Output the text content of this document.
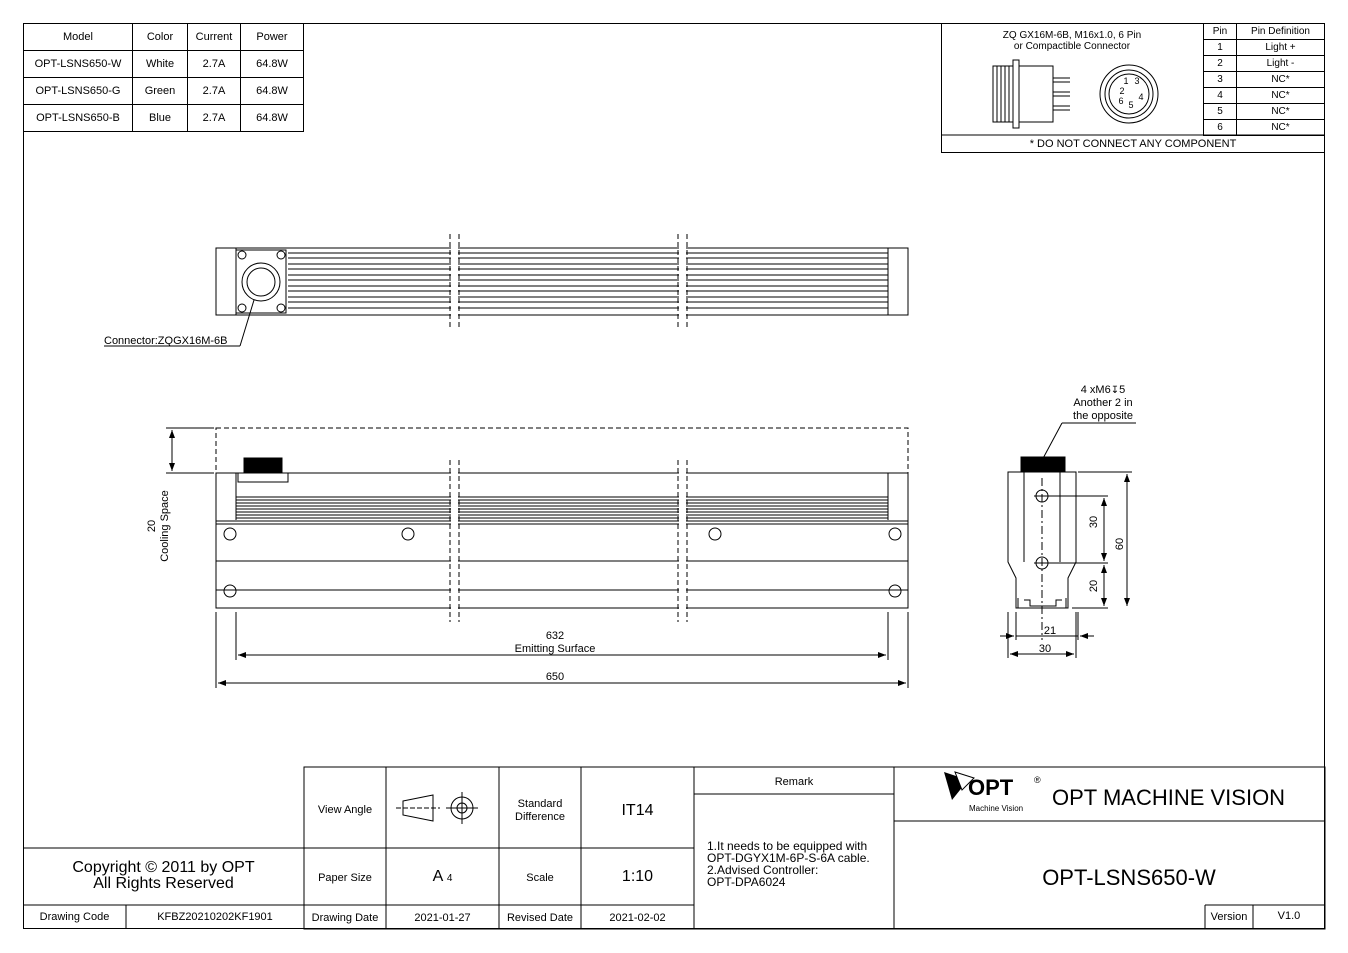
Model	Color	Current	Power
OPT-LSNS650-W	White	2.7A	64.8W
OPT-LSNS650-G	Green	2.7A	64.8W
OPT-LSNS650-B	Blue	2.7A	64.8W
ZQ GX16M-6B, M16x1.0, 6 Pin
or Compactible Connector
* DO NOT CONNECT ANY COMPONENT
Pin	Pin Definition
1	Light +
2	Light -
3	NC*
4	NC*
5	NC*
6	NC*
1
2
3
4
5
6
Connector:ZQGX16M-6B
20 Cooling Space
632
Emitting Surface
650
4 xM6↧5
Another 2 in
the opposite
30
20
60
21
30
View Angle	Standard Difference	IT14
Paper Size	A 4	Scale	1:10
Drawing Date	2021-01-27	Revised Date	2021-02-02
Remark
1.It needs to be equipped with
OPT-DGYX1M-6P-S-6A cable.
2.Advised Controller:
OPT-DPA6024
Copyright © 2011 by OPT
All Rights Reserved
Drawing Code	KFBZ20210202KF1901
OPT ®
Machine Vision OPT MACHINE VISION
OPT-LSNS650-W
Version	V1.0
